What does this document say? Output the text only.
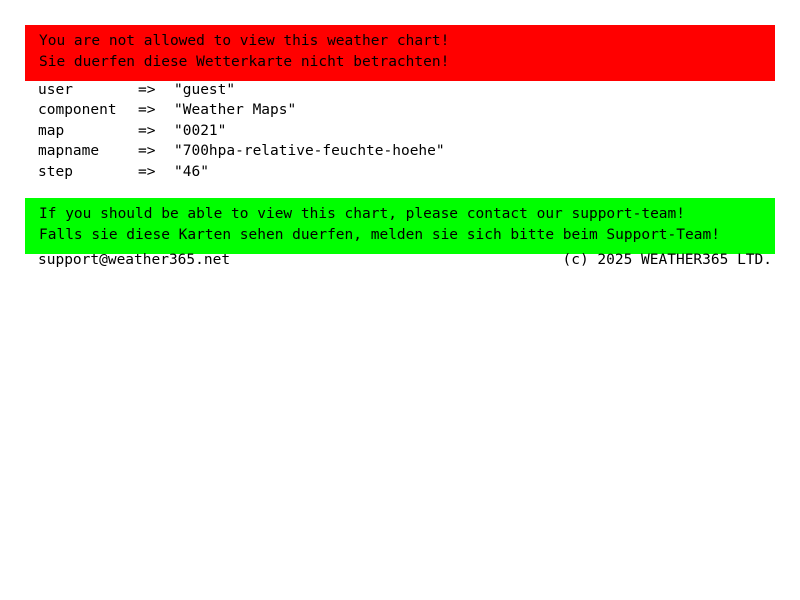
You are not allowed to view this weather chart!
Sie duerfen diese Wetterkarte nicht betrachten!
user	=>	"guest"
component	=>	"Weather Maps"
map	=>	"0021"
mapname	=>	"700hpa-relative-feuchte-hoehe"
step	=>	"46"
If you should be able to view this chart, please contact our support-team!
Falls sie diese Karten sehen duerfen, melden sie sich bitte beim Support-Team!
support@weather365.net	(c) 2025 WEATHER365 LTD.
